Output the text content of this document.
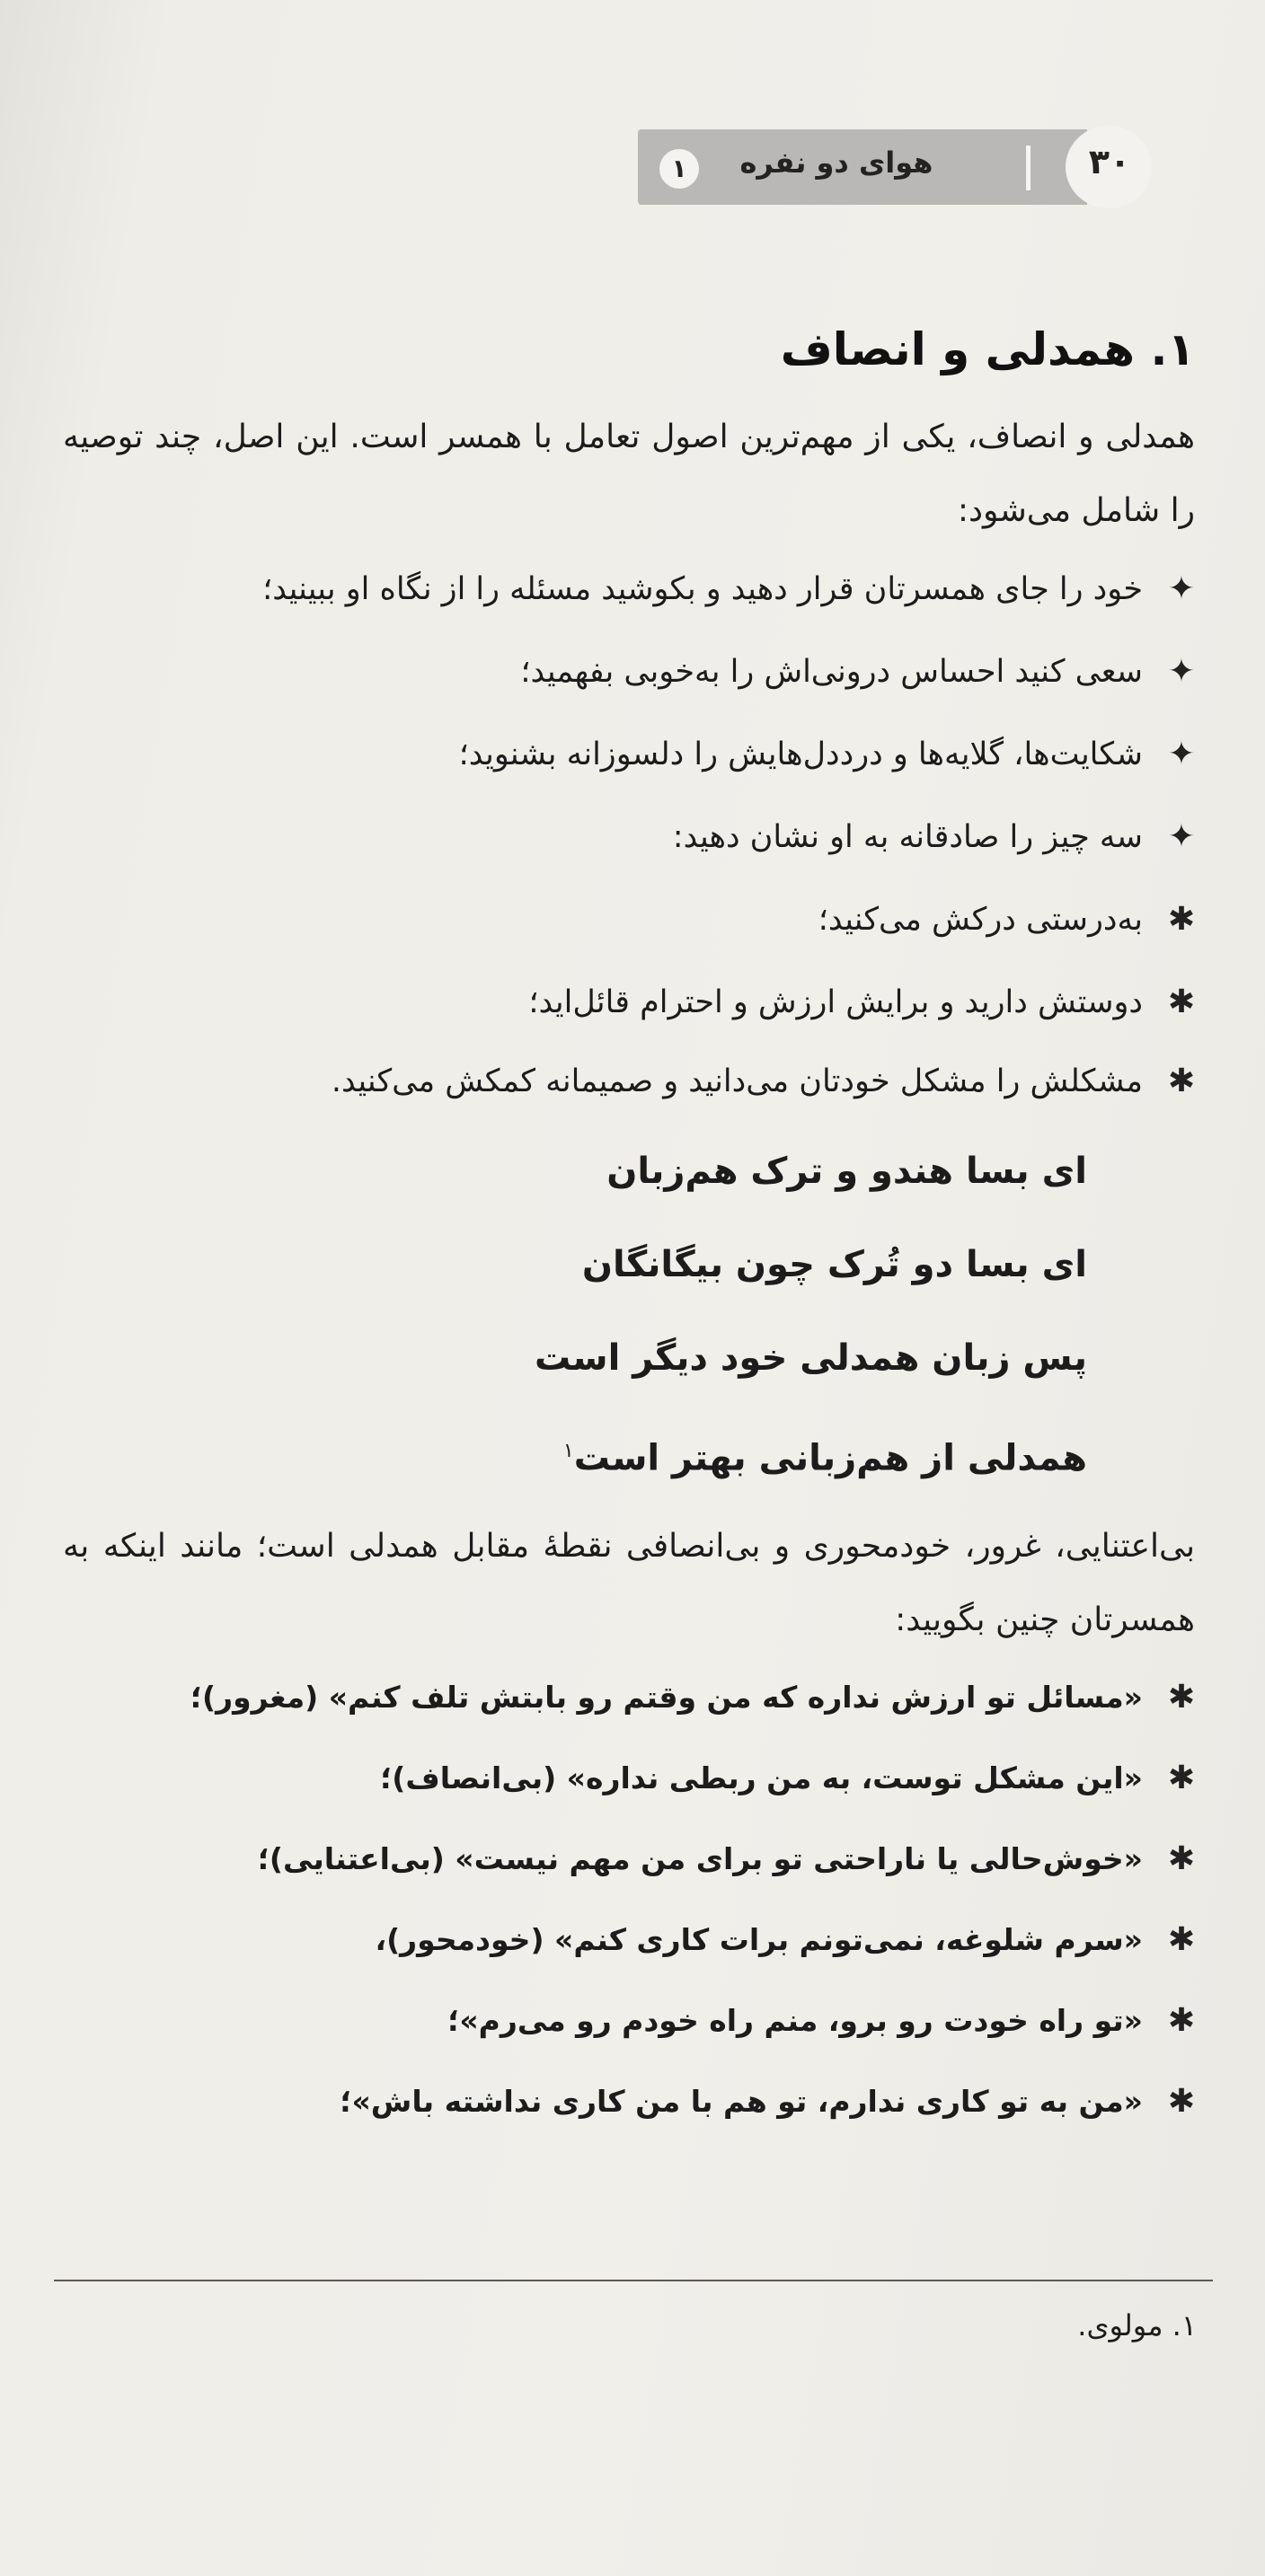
۱	هوای دو نفره	۳۰
۱. همدلی و انصاف

همدلی و انصاف، یکی از مهم‌ترین اصول تعامل با همسر است. این اصل، چند توصیه را شامل می‌شود:

✦
خود را جای همسرتان قرار دهید و بکوشید مسئله را از نگاه او ببینید؛
✦
سعی کنید احساس درونی‌اش را به‌خوبی بفهمید؛
✦
شکایت‌ها، گلایه‌ها و درددل‌هایش را دلسوزانه بشنوید؛
✦
سه چیز را صادقانه به او نشان دهید:
✱
به‌درستی درکش می‌کنید؛
✱
دوستش دارید و برایش ارزش و احترام قائل‌اید؛
✱
مشکلش را مشکل خودتان می‌دانید و صمیمانه کمکش می‌کنید.
ای بسا هندو و ترک هم‌زبان
ای بسا دو تُرک چون بیگانگان
پس زبان همدلی خود دیگر است
همدلی از هم‌زبانی بهتر است$^۱$

بی‌اعتنایی، غرور، خودمحوری و بی‌انصافی نقطهٔ مقابل همدلی است؛ مانند اینکه به همسرتان چنین بگویید:

✱
«مسائل تو ارزش نداره که من وقتم رو بابتش تلف کنم» (مغرور)؛
✱
«این مشکل توست، به من ربطی نداره» (بی‌انصاف)؛
✱
«خوش‌حالی یا ناراحتی تو برای من مهم نیست» (بی‌اعتنایی)؛
✱
«سرم شلوغه، نمی‌تونم برات کاری کنم» (خودمحور)،
✱
«تو راه خودت رو برو، منم راه خودم رو می‌رم»؛
✱
«من به تو کاری ندارم، تو هم با من کاری نداشته باش»؛
۱. مولوی.
